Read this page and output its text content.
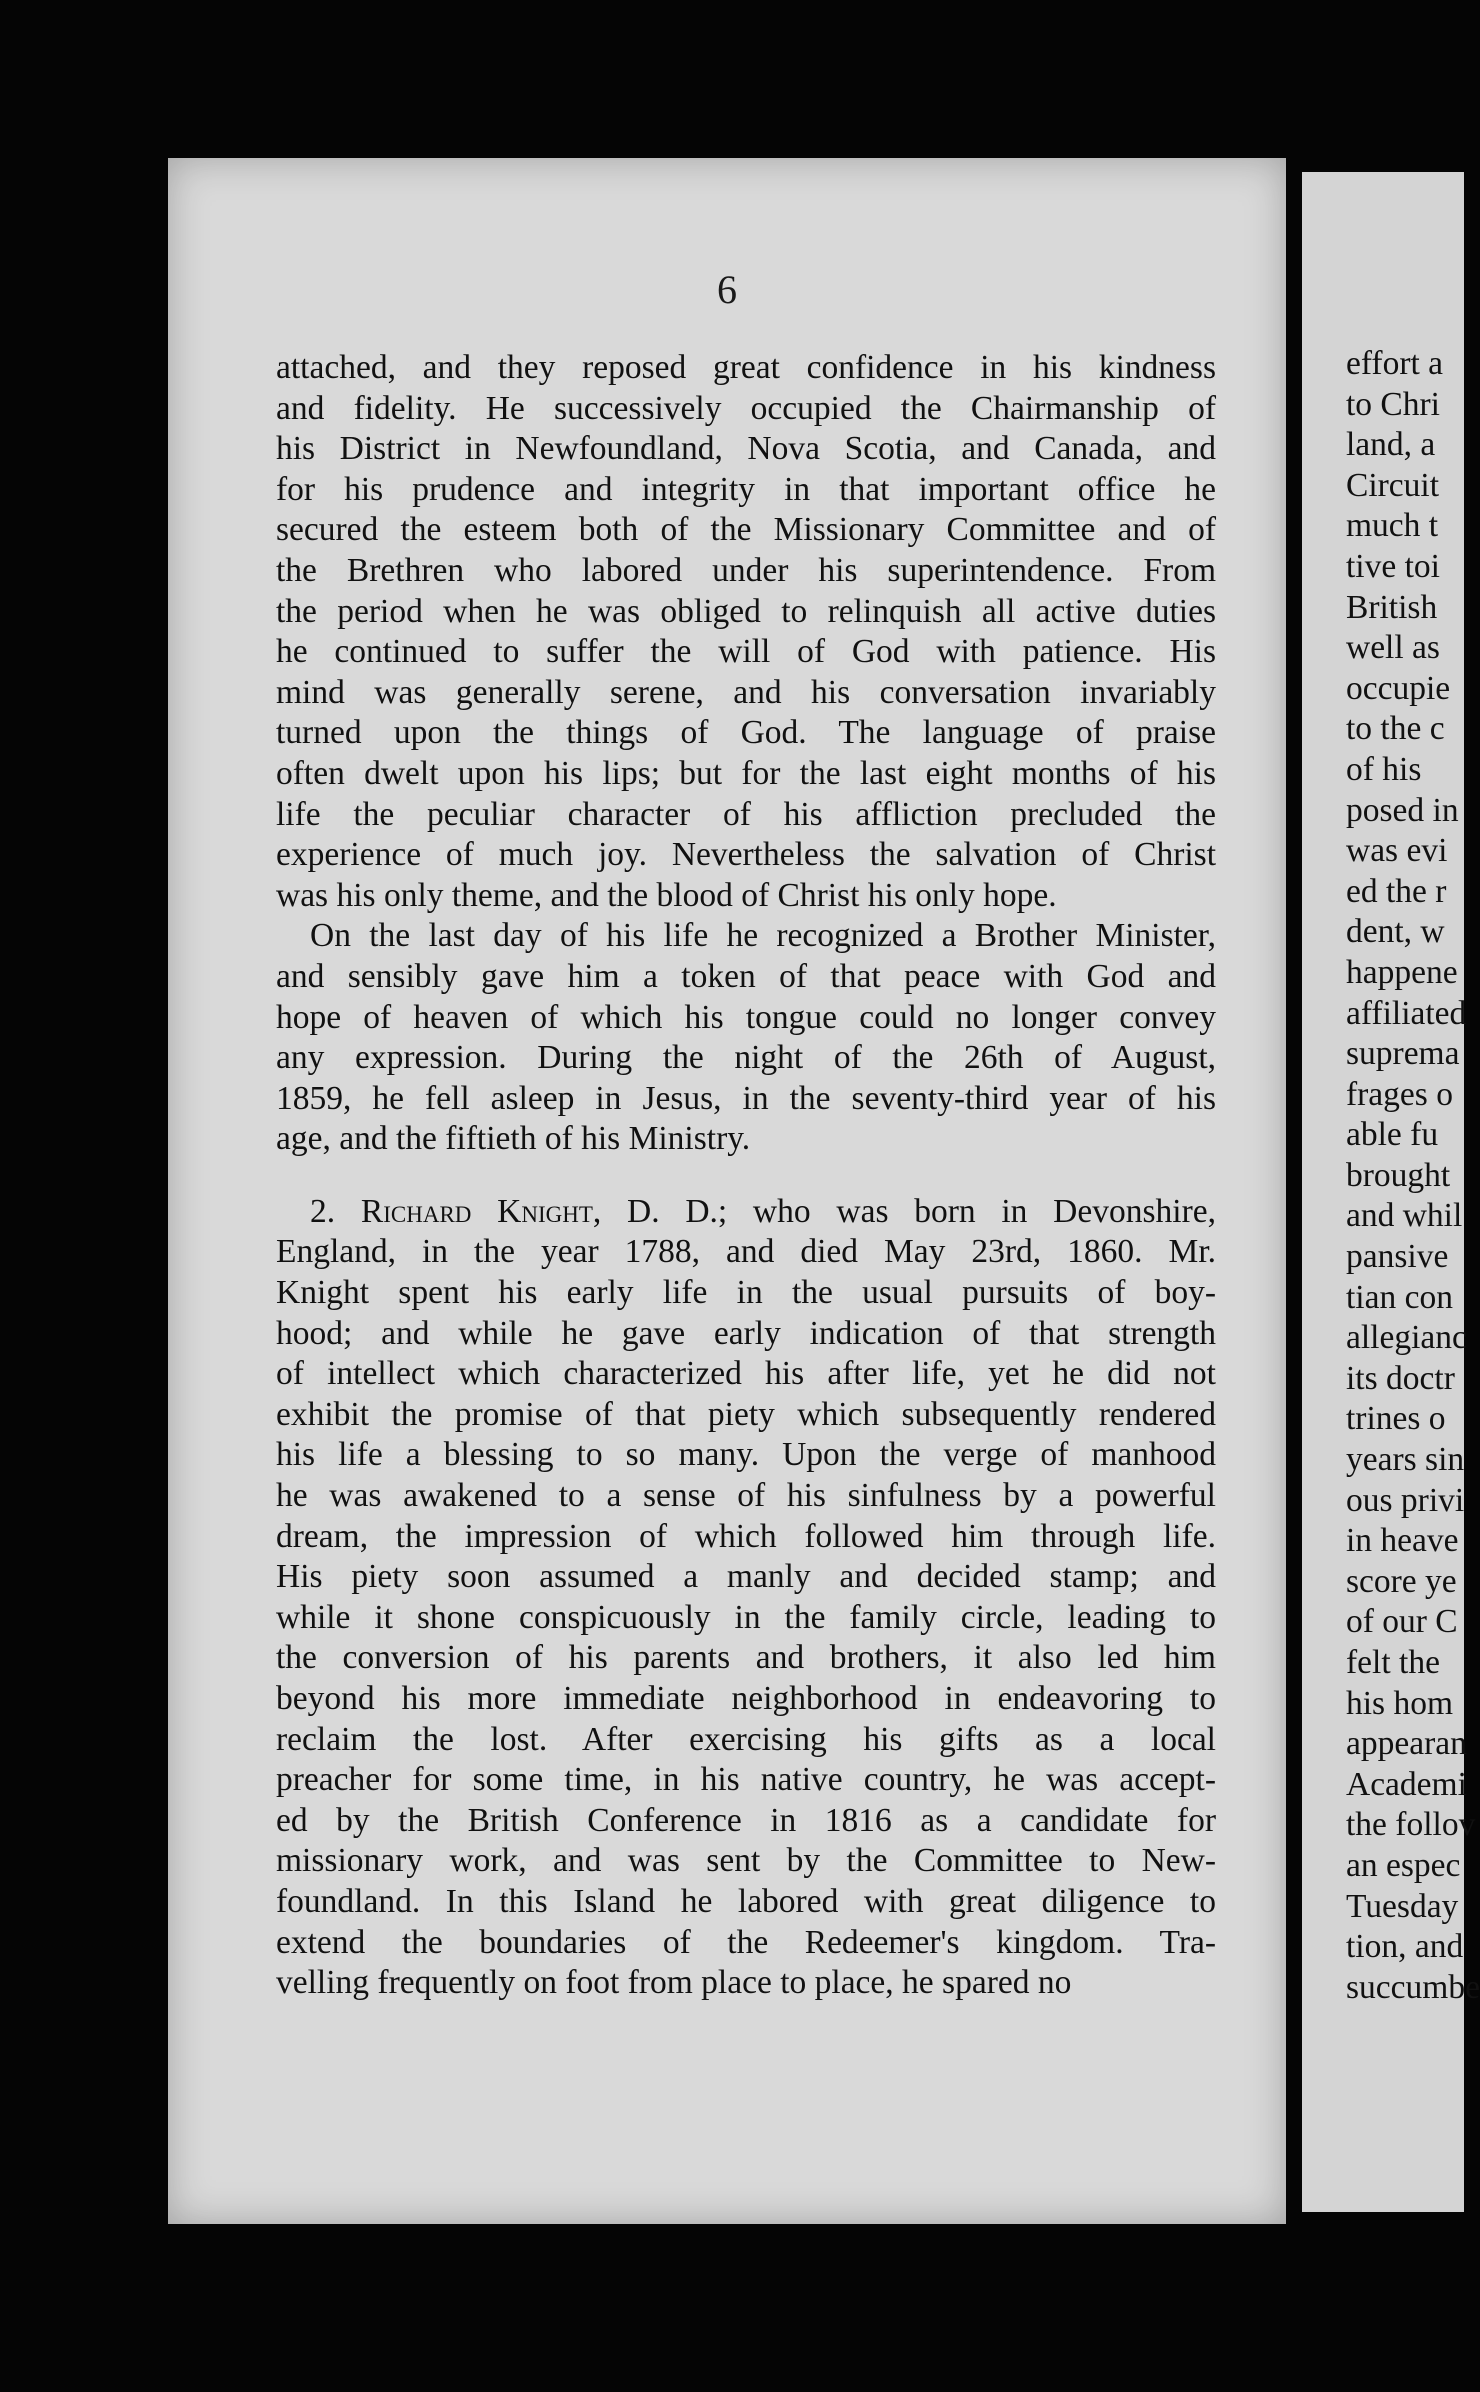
6
attached, and they reposed great confidence in his kindness
and fidelity. He successively occupied the Chairmanship of
his District in Newfoundland, Nova Scotia, and Canada, and
for his prudence and integrity in that important office he
secured the esteem both of the Missionary Committee and of
the Brethren who labored under his superintendence. From
the period when he was obliged to relinquish all active duties
he continued to suffer the will of God with patience. His
mind was generally serene, and his conversation invariably
turned upon the things of God. The language of praise
often dwelt upon his lips; but for the last eight months of his
life the peculiar character of his affliction precluded the
experience of much joy. Nevertheless the salvation of Christ
was his only theme, and the blood of Christ his only hope.
On the last day of his life he recognized a Brother Minister,
and sensibly gave him a token of that peace with God and
hope of heaven of which his tongue could no longer convey
any expression. During the night of the 26th of August,
1859, he fell asleep in Jesus, in the seventy-third year of his
age, and the fiftieth of his Ministry.
2. Richard Knight, D. D.; who was born in Devonshire,
England, in the year 1788, and died May 23rd, 1860. Mr.
Knight spent his early life in the usual pursuits of boy-
hood; and while he gave early indication of that strength
of intellect which characterized his after life, yet he did not
exhibit the promise of that piety which subsequently rendered
his life a blessing to so many. Upon the verge of manhood
he was awakened to a sense of his sinfulness by a powerful
dream, the impression of which followed him through life.
His piety soon assumed a manly and decided stamp; and
while it shone conspicuously in the family circle, leading to
the conversion of his parents and brothers, it also led him
beyond his more immediate neighborhood in endeavoring to
reclaim the lost. After exercising his gifts as a local
preacher for some time, in his native country, he was accept-
ed by the British Conference in 1816 as a candidate for
missionary work, and was sent by the Committee to New-
foundland. In this Island he labored with great diligence to
extend the boundaries of the Redeemer's kingdom. Tra-
velling frequently on foot from place to place, he spared no
effort a
to Chri
land, a
Circuit
much t
tive toi
British
well as
occupie
to the c
of his
posed in
was evi
ed the r
dent, w
happene
affiliated
suprema
frages o
able fu
brought
and whil
pansive
tian con
allegianc
its doctr
trines o
years sin
ous privi
in heave
score ye
of our C
felt the
his hom
appearan
Academi
the follov
an espec
Tuesday
tion, and
succumbe
